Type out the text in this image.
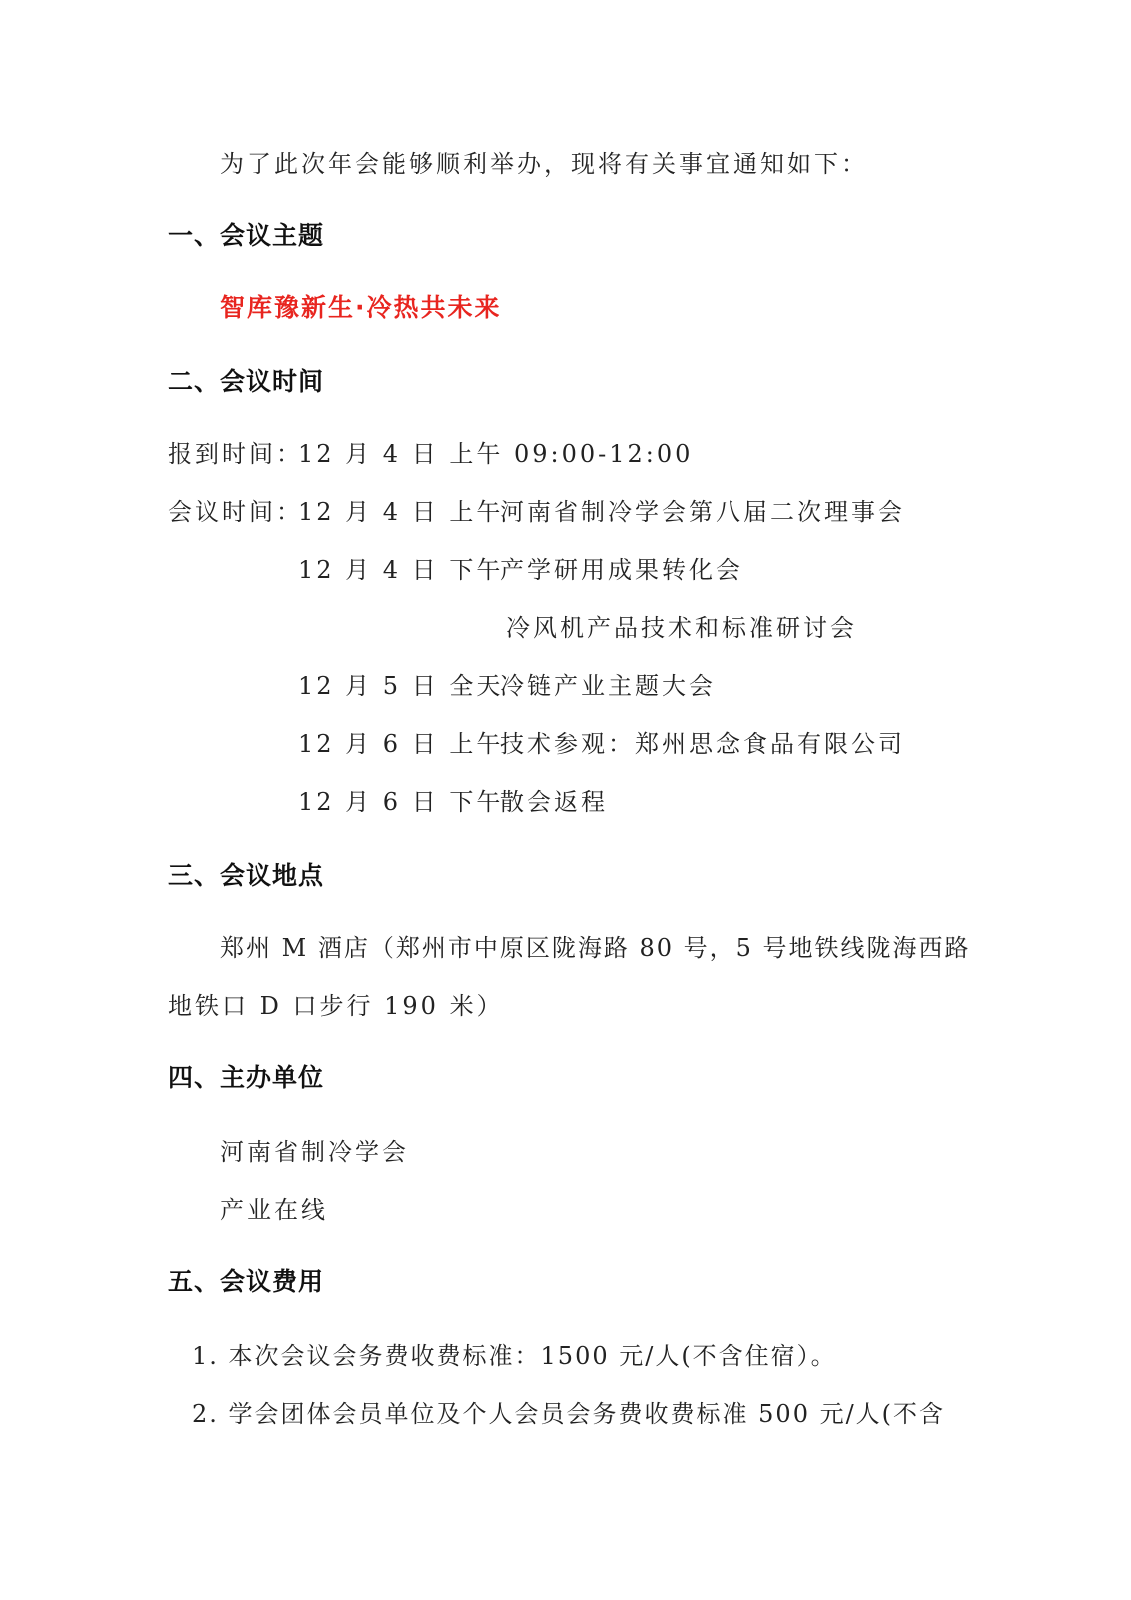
为了此次年会能够顺利举办，现将有关事宜通知如下：
一、会议主题
智库豫新生·冷热共未来
二、会议时间
报到时间：
12 月 4 日 上午 09:00-12:00
会议时间：
12 月 4 日 上午
河南省制冷学会第八届二次理事会
12 月 4 日 下午
产学研用成果转化会
冷风机产品技术和标准研讨会
12 月 5 日 全天
冷链产业主题大会
12 月 6 日 上午
技术参观：郑州思念食品有限公司
12 月 6 日 下午
散会返程
三、会议地点
郑州 M 酒店（郑州市中原区陇海路 80 号，5 号地铁线陇海西路
地铁口 D 口步行 190 米）
四、主办单位
河南省制冷学会
产业在线
五、会议费用
1. 本次会议会务费收费标准：1500 元/人(不含住宿）。
2. 学会团体会员单位及个人会员会务费收费标准 500 元/人(不含
